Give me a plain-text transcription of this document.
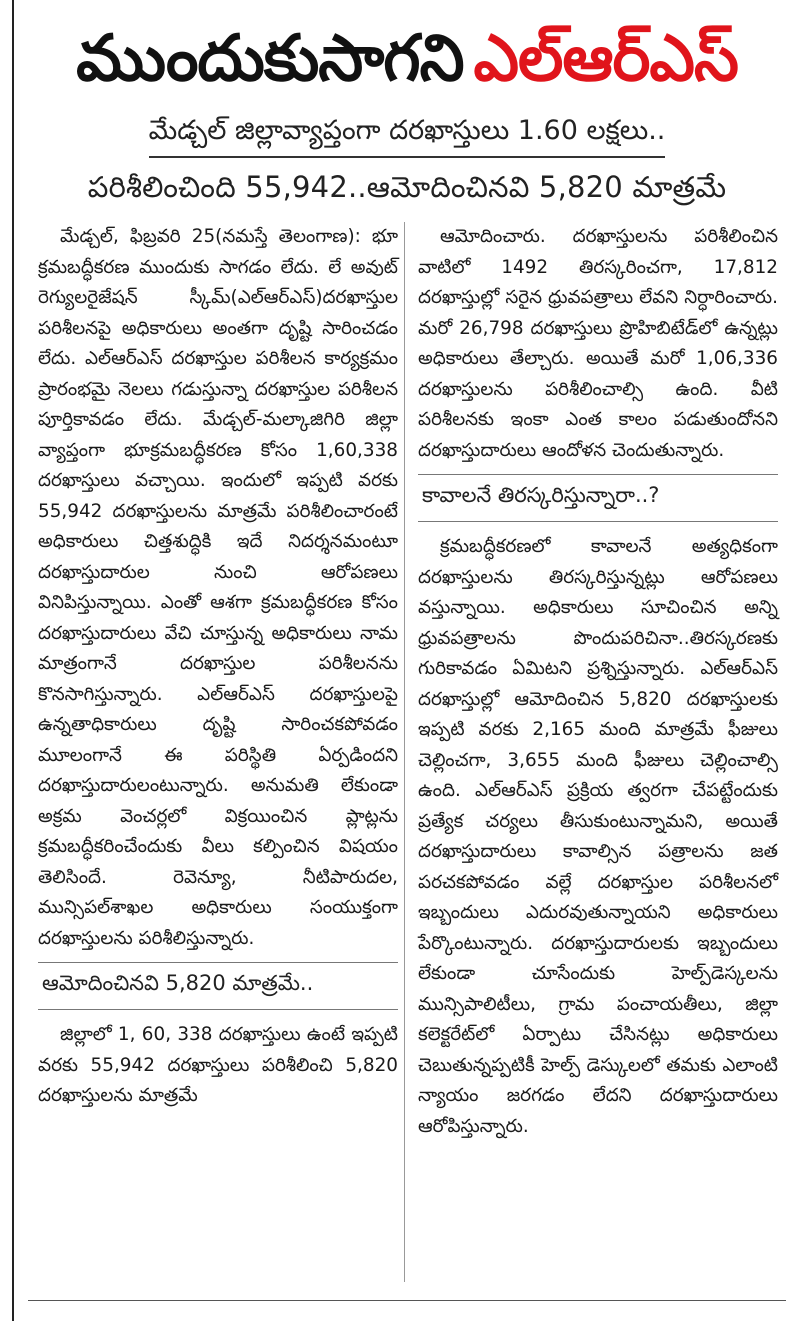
ముందుకుసాగని ఎల్‌ఆర్‌ఎస్
మేడ్చల్ జిల్లావ్యాప్తంగా దరఖాస్తులు 1.60 లక్షలు..
పరిశీలించింది 55,942..ఆమోదించినవి 5,820 మాత్రమే

మేడ్చల్, ఫిబ్రవరి 25(నమస్తే తెలంగాణ): భూ క్రమబద్ధీకరణ ముందుకు సాగడం లేదు. లే అవుట్ రెగ్యులరైజేషన్ స్కీమ్(ఎల్‌ఆర్‌ఎస్)దరఖాస్తుల పరిశీలనపై అధికారులు అంతగా దృష్టి సారించడం లేదు. ఎల్‌ఆర్‌ఎస్ దరఖాస్తుల పరిశీలన కార్యక్రమం ప్రారంభమై నెలలు గడుస్తున్నా దరఖాస్తుల పరిశీలన పూర్తికావడం లేదు. మేడ్చల్-మల్కాజిగిరి జిల్లా వ్యాప్తంగా భూక్రమబద్ధీకరణ కోసం 1,60,338 దరఖాస్తులు వచ్చాయి. ఇందులో ఇప్పటి వరకు 55,942 దరఖాస్తులను మాత్రమే పరిశీలించారంటే అధికారులు చిత్తశుద్ధికి ఇదే నిదర్శనమంటూ దరఖాస్తుదారుల నుంచి ఆరోపణలు వినిపిస్తున్నాయి. ఎంతో ఆశగా క్రమబద్ధీకరణ కోసం దరఖాస్తుదారులు వేచి చూస్తున్న అధికారులు నామ మాత్రంగానే దరఖాస్తుల పరిశీలనను కొనసాగిస్తున్నారు. ఎల్‌ఆర్‌ఎస్ దరఖాస్తులపై ఉన్నతాధికారులు దృష్టి సారించకపోవడం మూలంగానే ఈ పరిస్థితి ఏర్పడిందని దరఖాస్తుదారులంటున్నారు. అనుమతి లేకుండా అక్రమ వెంచర్లలో విక్రయించిన ప్లాట్లను క్రమబద్ధీకరించేందుకు వీలు కల్పించిన విషయం తెలిసిందే. రెవెన్యూ, నీటిపారుదల, మున్సిపల్‌శాఖల అధికారులు సంయుక్తంగా దరఖాస్తులను పరిశీలిస్తున్నారు.

ఆమోదించినవి 5,820 మాత్రమే..

జిల్లాలో 1, 60, 338 దరఖాస్తులు ఉంటే ఇప్పటి వరకు 55,942 దరఖాస్తులు పరిశీలించి 5,820 దరఖాస్తులను మాత్రమే

ఆమోదించారు. దరఖాస్తులను పరిశీలించిన వాటిలో 1492 తిరస్కరించగా, 17,812 దరఖాస్తుల్లో సరైన ధ్రువపత్రాలు లేవని నిర్ధారించారు. మరో 26,798 దరఖాస్తులు ప్రొహిబిటేడ్‌లో ఉన్నట్లు అధికారులు తేల్చారు. అయితే మరో 1,06,336 దరఖాస్తులను పరిశీలించాల్సి ఉంది. వీటి పరిశీలనకు ఇంకా ఎంత కాలం పడుతుందోనని దరఖాస్తుదారులు ఆందోళన చెందుతున్నారు.

కావాలనే తిరస్కరిస్తున్నారా..?

క్రమబద్ధీకరణలో కావాలనే అత్యధికంగా దరఖాస్తులను తిరస్కరిస్తున్నట్లు ఆరోపణలు వస్తున్నాయి. అధికారులు సూచించిన అన్ని ధ్రువపత్రాలను పొందుపరిచినా..తిరస్కరణకు గురికావడం ఏమిటని ప్రశ్నిస్తున్నారు. ఎల్‌ఆర్‌ఎస్ దరఖాస్తుల్లో ఆమోదించిన 5,820 దరఖాస్తులకు ఇప్పటి వరకు 2,165 మంది మాత్రమే ఫీజులు చెల్లించగా, 3,655 మంది ఫీజులు చెల్లించాల్సి ఉంది. ఎల్‌ఆర్‌ఎస్ ప్రక్రియ త్వరగా చేపట్టేందుకు ప్రత్యేక చర్యలు తీసుకుంటున్నామని, అయితే దరఖాస్తుదారులు కావాల్సిన పత్రాలను జత పరచకపోవడం వల్లే దరఖాస్తుల పరిశీలనలో ఇబ్బందులు ఎదురవుతున్నాయని అధికారులు పేర్కొంటున్నారు. దరఖాస్తుదారులకు ఇబ్బందులు లేకుండా చూసేందుకు హెల్ప్‌డెస్కలను మున్సిపాలిటీలు, గ్రామ పంచాయతీలు, జిల్లా కలెక్టరేట్‌లో ఏర్పాటు చేసినట్లు అధికారులు చెబుతున్నప్పటికీ హెల్ప్ డెస్కులలో తమకు ఎలాంటి న్యాయం జరగడం లేదని దరఖాస్తుదారులు ఆరోపిస్తున్నారు.
